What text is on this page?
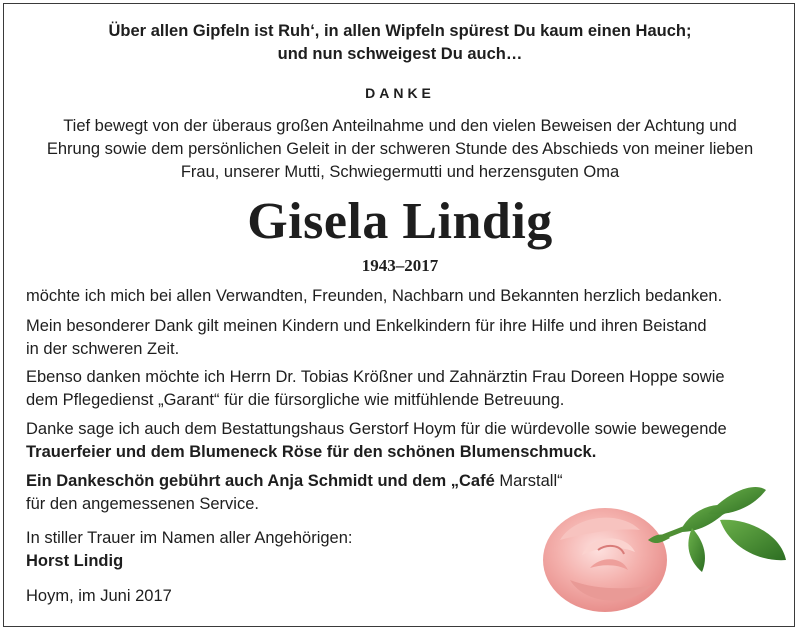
Über allen Gipfeln ist Ruh‘, in allen Wipfeln spürest Du kaum einen Hauch;
und nun schweigest Du auch…
DANKE
Tief bewegt von der überaus großen Anteilnahme und den vielen Beweisen der Achtung und
Ehrung sowie dem persönlichen Geleit in der schweren Stunde des Abschieds von meiner lieben
Frau, unserer Mutti, Schwiegermutti und herzensguten Oma
Gisela Lindig
1943–2017
möchte ich mich bei allen Verwandten, Freunden, Nachbarn und Bekannten herzlich bedanken.
Mein besonderer Dank gilt meinen Kindern und Enkelkindern für ihre Hilfe und ihren Beistand
in der schweren Zeit.
Ebenso danken möchte ich Herrn Dr. Tobias Krößner und Zahnärztin Frau Doreen Hoppe sowie
dem Pflegedienst „Garant“ für die fürsorgliche wie mitfühlende Betreuung.
Danke sage ich auch dem Bestattungshaus Gerstorf Hoym für die würdevolle sowie bewegende
Trauerfeier und dem Blumeneck Röse für den schönen Blumenschmuck.
Ein Dankeschön gebührt auch Anja Schmidt und dem „Café Marstall“
für den angemessenen Service.
In stiller Trauer im Namen aller Angehörigen:
Horst Lindig
Hoym, im Juni 2017
